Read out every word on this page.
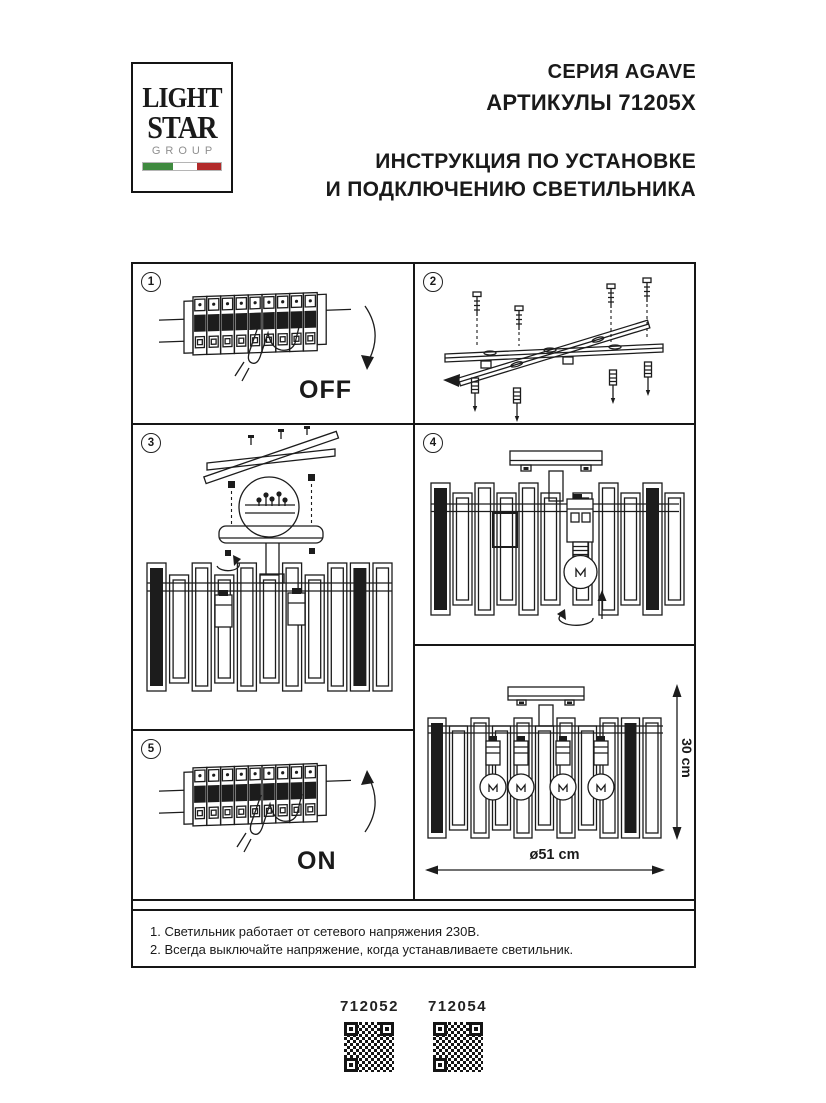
LIGHT
STAR
GROUP
СЕРИЯ AGAVE
АРТИКУЛЫ 71205X
ИНСТРУКЦИЯ ПО УСТАНОВКЕ
И ПОДКЛЮЧЕНИЮ СВЕТИЛЬНИКА
1
OFF
3
5
ON
2
4
ø51 cm
30 cm
1. Светильник работает от сетевого напряжения 230В.
2. Всегда выключайте напряжение, когда устанавливаете светильник.
712052 712054
